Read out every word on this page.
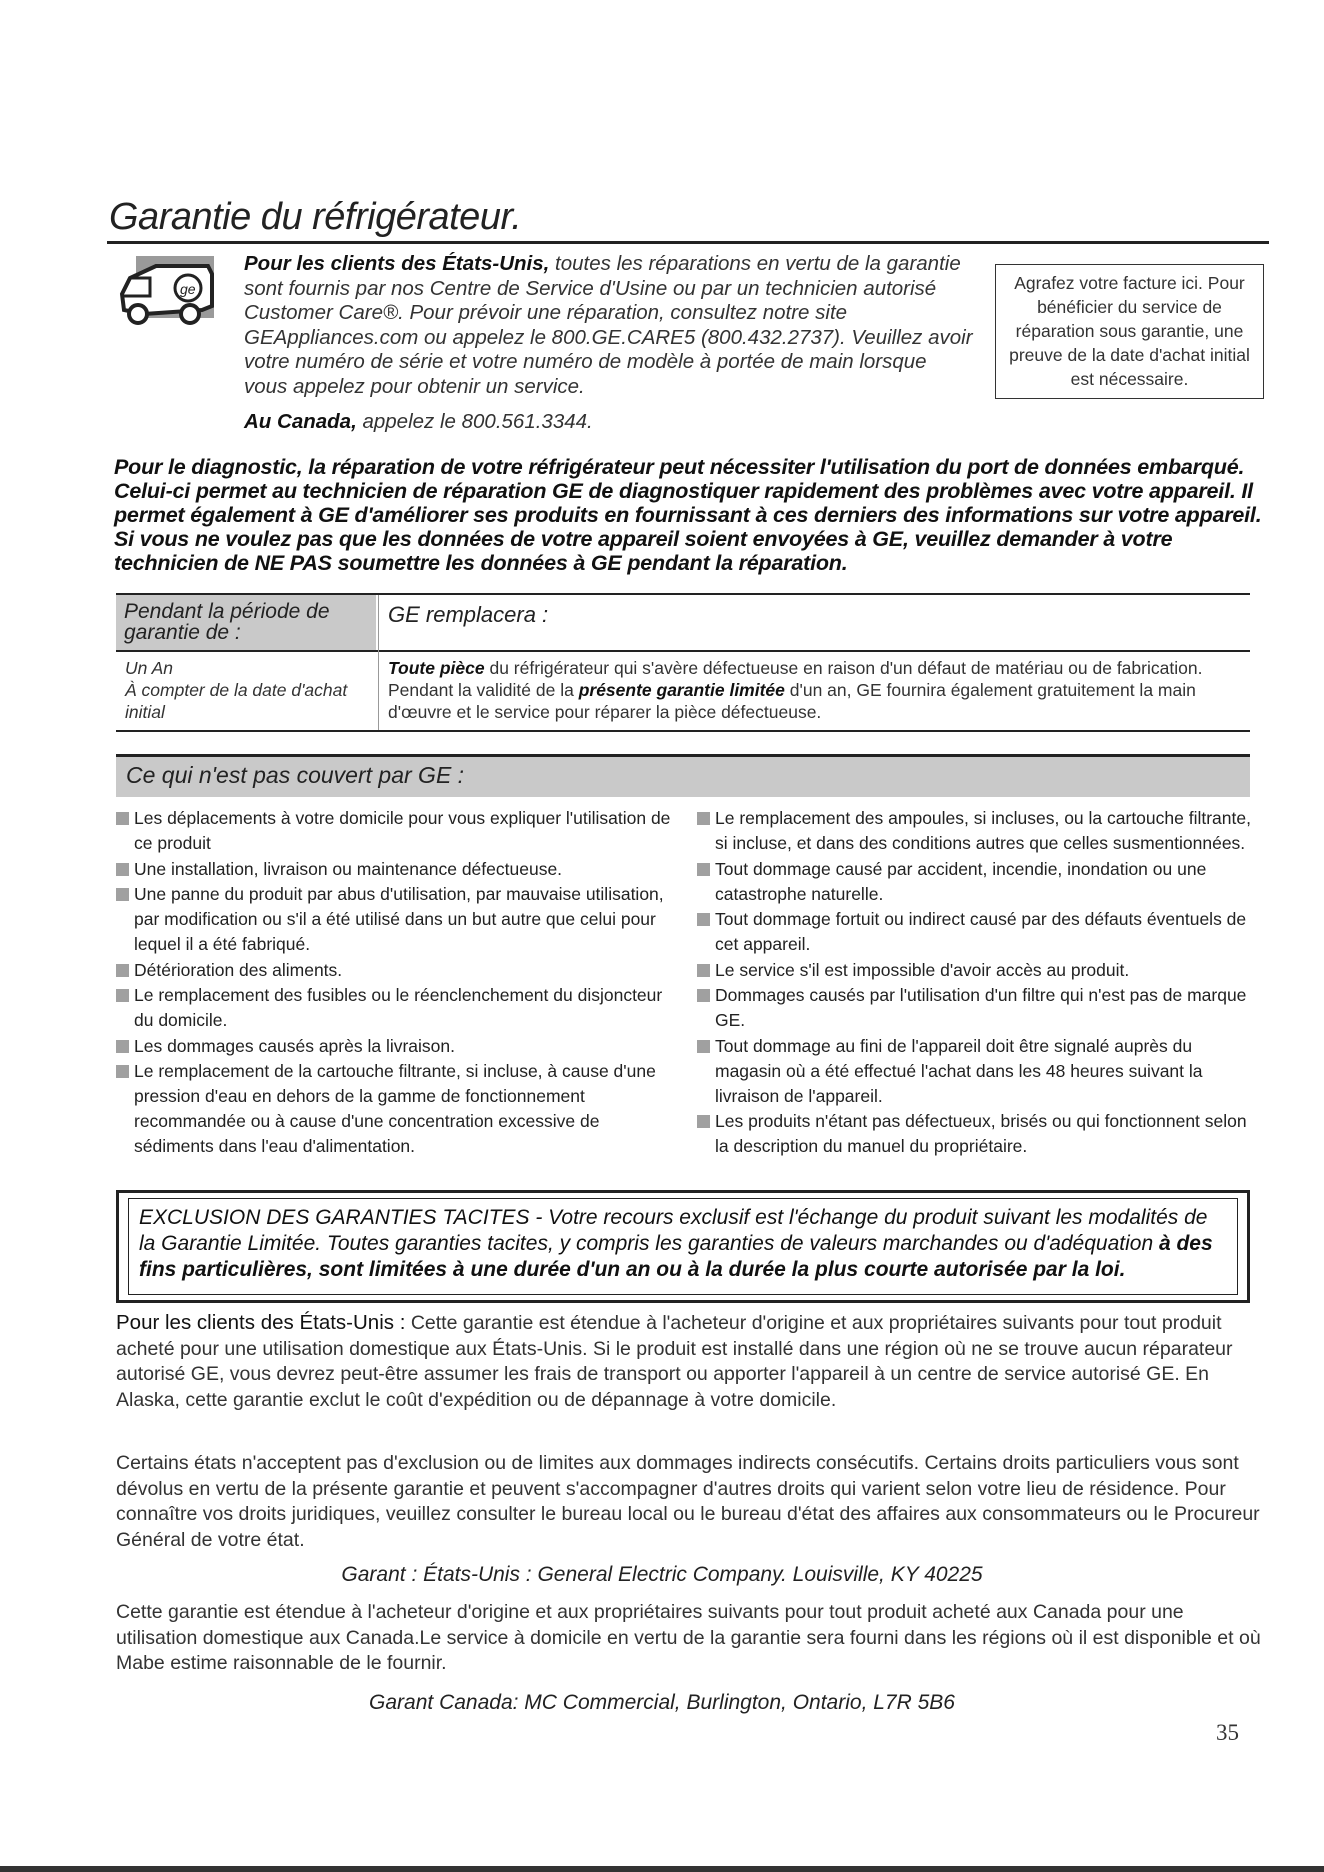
Garantie du réfrigérateur.
ge
Pour les clients des États-Unis, toutes les réparations en vertu de la garantie sont fournis par nos Centre de Service d'Usine ou par un technicien autorisé Customer Care®. Pour prévoir une réparation, consultez notre site GEAppliances.com ou appelez le 800.GE.CARE5 (800.432.2737). Veuillez avoir votre numéro de série et votre numéro de modèle à portée de main lorsque vous appelez pour obtenir un service.
Au Canada, appelez le 800.561.3344.
Agrafez votre facture ici. Pour bénéficier du service de réparation sous garantie, une preuve de la date d'achat initial est nécessaire.
Pour le diagnostic, la réparation de votre réfrigérateur peut nécessiter l'utilisation du port de données embarqué. Celui-ci permet au technicien de réparation GE de diagnostiquer rapidement des problèmes avec votre appareil. Il permet également à GE d'améliorer ses produits en fournissant à ces derniers des informations sur votre appareil. Si vous ne voulez pas que les données de votre appareil soient envoyées à GE, veuillez demander à votre technicien de NE PAS soumettre les données à GE pendant la réparation.
Pendant la période de garantie de :
GE remplacera :
Un An
À compter de la date d'achat initial
Toute pièce du réfrigérateur qui s'avère défectueuse en raison d'un défaut de matériau ou de fabrication. Pendant la validité de la présente garantie limitée d'un an, GE fournira également gratuitement la main d'œuvre et le service pour réparer la pièce défectueuse.
Ce qui n'est pas couvert par GE :
Les déplacements à votre domicile pour vous expliquer l'utilisation de ce produit
Une installation, livraison ou maintenance défectueuse.
Une panne du produit par abus d'utilisation, par mauvaise utilisation, par modification ou s'il a été utilisé dans un but autre que celui pour lequel il a été fabriqué.
Détérioration des aliments.
Le remplacement des fusibles ou le réenclenchement du disjoncteur du domicile.
Les dommages causés après la livraison.
Le remplacement de la cartouche filtrante, si incluse, à cause d'une pression d'eau en dehors de la gamme de fonctionnement recommandée ou à cause d'une concentration excessive de sédiments dans l'eau d'alimentation.
Le remplacement des ampoules, si incluses, ou la cartouche filtrante, si incluse, et dans des conditions autres que celles susmentionnées.
Tout dommage causé par accident, incendie, inondation ou une catastrophe naturelle.
Tout dommage fortuit ou indirect causé par des défauts éventuels de cet appareil.
Le service s'il est impossible d'avoir accès au produit.
Dommages causés par l'utilisation d'un filtre qui n'est pas de marque GE.
Tout dommage au fini de l'appareil doit être signalé auprès du magasin où a été effectué l'achat dans les 48 heures suivant la livraison de l'appareil.
Les produits n'étant pas défectueux, brisés ou qui fonctionnent selon la description du manuel du propriétaire.
EXCLUSION DES GARANTIES TACITES - Votre recours exclusif est l'échange du produit suivant les modalités de la Garantie Limitée. Toutes garanties tacites, y compris les garanties de valeurs marchandes ou d'adéquation à des fins particulières, sont limitées à une durée d'un an ou à la durée la plus courte autorisée par la loi.
Pour les clients des États-Unis : Cette garantie est étendue à l'acheteur d'origine et aux propriétaires suivants pour tout produit acheté pour une utilisation domestique aux États-Unis. Si le produit est installé dans une région où ne se trouve aucun réparateur autorisé GE, vous devrez peut-être assumer les frais de transport ou apporter l'appareil à un centre de service autorisé GE. En Alaska, cette garantie exclut le coût d'expédition ou de dépannage à votre domicile.
Certains états n'acceptent pas d'exclusion ou de limites aux dommages indirects consécutifs. Certains droits particuliers vous sont dévolus en vertu de la présente garantie et peuvent s'accompagner d'autres droits qui varient selon votre lieu de résidence. Pour connaître vos droits juridiques, veuillez consulter le bureau local ou le bureau d'état des affaires aux consommateurs ou le Procureur Général de votre état.
Garant : États-Unis : General Electric Company. Louisville, KY 40225
Cette garantie est étendue à l'acheteur d'origine et aux propriétaires suivants pour tout produit acheté aux Canada pour une utilisation domestique aux Canada.Le service à domicile en vertu de la garantie sera fourni dans les régions où il est disponible et où Mabe estime raisonnable de le fournir.
Garant Canada: MC Commercial, Burlington, Ontario, L7R 5B6
35
